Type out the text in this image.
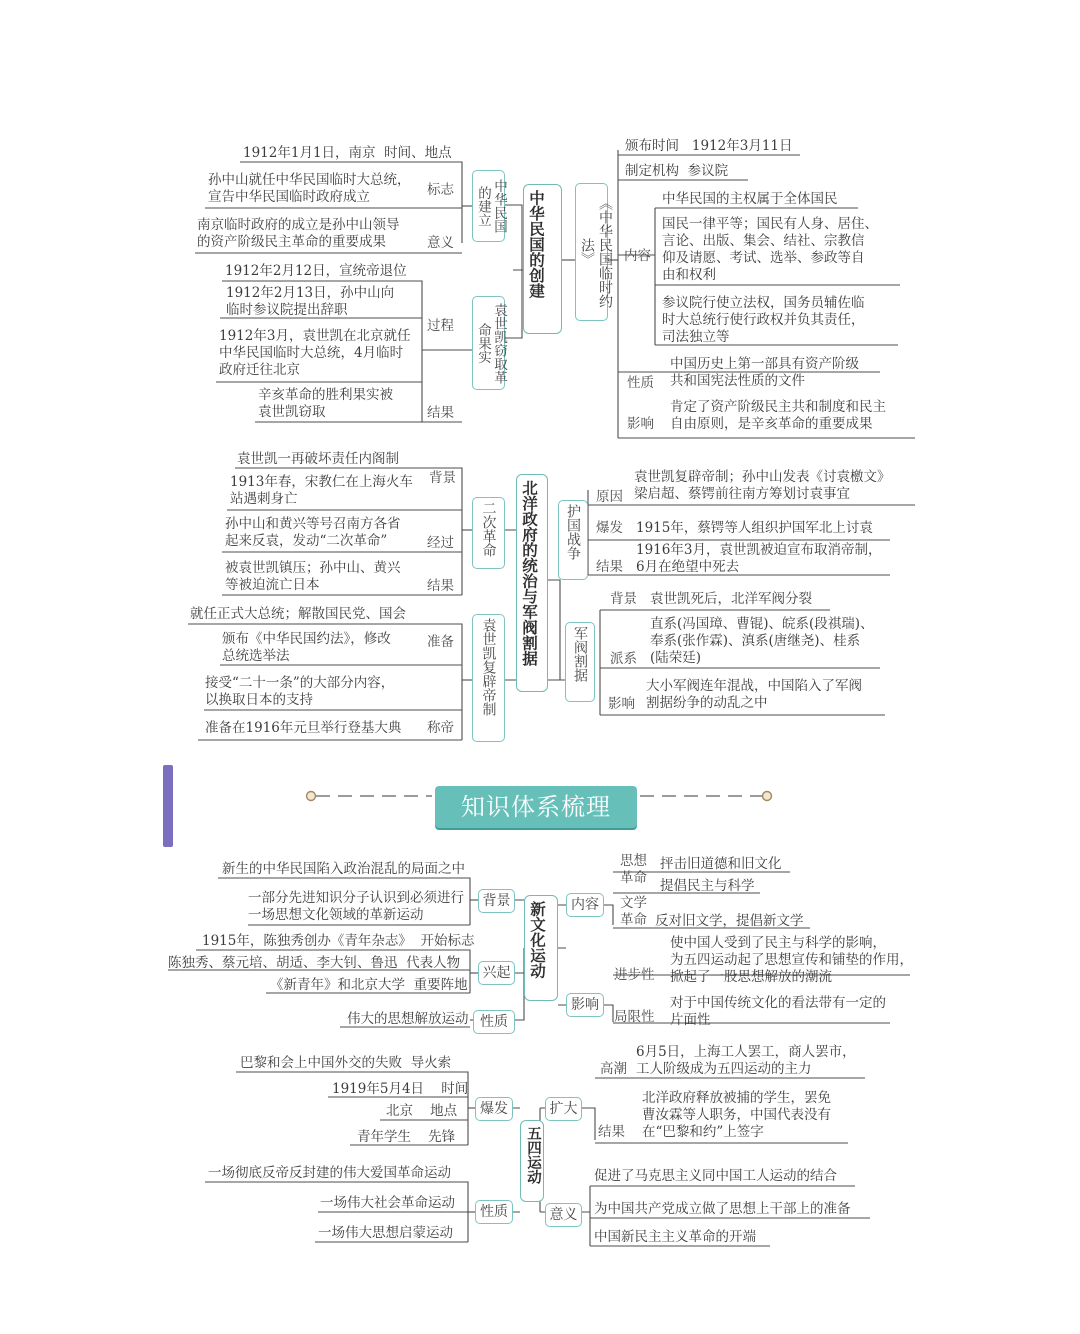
中华民国的创建
中华民国的建立
袁世凯窃取革命果实
《中华民国临时约法》
1912年1月1日，南京  时间、地点
孙中山就任中华民国临时大总统，
宣告中华民国临时政府成立	标志
南京临时政府的成立是孙中山领导
的资产阶级民主革命的重要成果	意义
1912年2月12日，宣统帝退位
1912年2月13日，孙中山向
临时参议院提出辞职
过程
1912年3月，袁世凯在北京就任
中华民国临时大总统，4月临时
政府迁往北京
辛亥革命的胜利果实被
袁世凯窃取	结果
颁布时间   1912年3月11日
制定机构  参议院
中华民国的主权属于全体国民
内容
国民一律平等；国民有人身、居住、
言论、出版、集会、结社、宗教信
仰及请愿、考试、选举、参政等自
由和权利
参议院行使立法权，国务员辅佐临
时大总统行使行政权并负其责任，
司法独立等
性质
中国历史上第一部具有资产阶级
共和国宪法性质的文件
影响
肯定了资产阶级民主共和制度和民主
自由原则，是辛亥革命的重要成果
北洋政府的统治与军阀割据
二次革命
袁世凯复辟帝制
护国战争
军阀割据
袁世凯一再破坏责任内阁制
背景
1913年春，宋教仁在上海火车
站遇刺身亡
孙中山和黄兴等号召南方各省
起来反袁，发动“二次革命”	经过
被袁世凯镇压；孙中山、黄兴
等被迫流亡日本	结果
就任正式大总统；解散国民党、国会
颁布《中华民国约法》，修改
总统选举法
准备
接受“二十一条”的大部分内容，
以换取日本的支持
准备在1916年元旦举行登基大典 称帝
袁世凯复辟帝制；孙中山发表《讨袁檄文》
梁启超、蔡锷前往南方筹划讨袁事宜
原因
爆发 1915年，蔡锷等人组织护国军北上讨袁
1916年3月，袁世凯被迫宣布取消帝制，
6月在绝望中死去
结果
背景 袁世凯死后，北洋军阀分裂
直系(冯国璋、曹锟)、皖系(段祺瑞)、
奉系(张作霖)、滇系(唐继尧)、桂系
(陆荣廷)
派系
大小军阀连年混战，中国陷入了军阀
割据纷争的动乱之中
影响
知识体系梳理
新文化运动
背景
兴起
性质
内容
影响
新生的中华民国陷入政治混乱的局面之中
一部分先进知识分子认识到必须进行
一场思想文化领域的革新运动
1915年，陈独秀创办《青年杂志》  开始标志
陈独秀、蔡元培、胡适、李大钊、鲁迅  代表人物
《新青年》和北京大学  重要阵地
伟大的思想解放运动
思想
革命
抨击旧道德和旧文化
提倡民主与科学
文学
革命 反对旧文学，提倡新文学
使中国人受到了民主与科学的影响，
为五四运动起了思想宣传和铺垫的作用，
掀起了一股思想解放的潮流
进步性
对于中国传统文化的看法带有一定的
片面性
局限性
五四运动
爆发
性质
扩大
意义
巴黎和会上中国外交的失败  导火索
1919年5月4日    时间
北京    地点
青年学生    先锋
一场彻底反帝反封建的伟大爱国革命运动
一场伟大社会革命运动
一场伟大思想启蒙运动
6月5日，上海工人罢工，商人罢市，
工人阶级成为五四运动的主力
高潮
北洋政府释放被捕的学生，罢免
曹汝霖等人职务，中国代表没有
在“巴黎和约”上签字
结果
促进了马克思主义同中国工人运动的结合
为中国共产党成立做了思想上干部上的准备
中国新民主主义革命的开端
